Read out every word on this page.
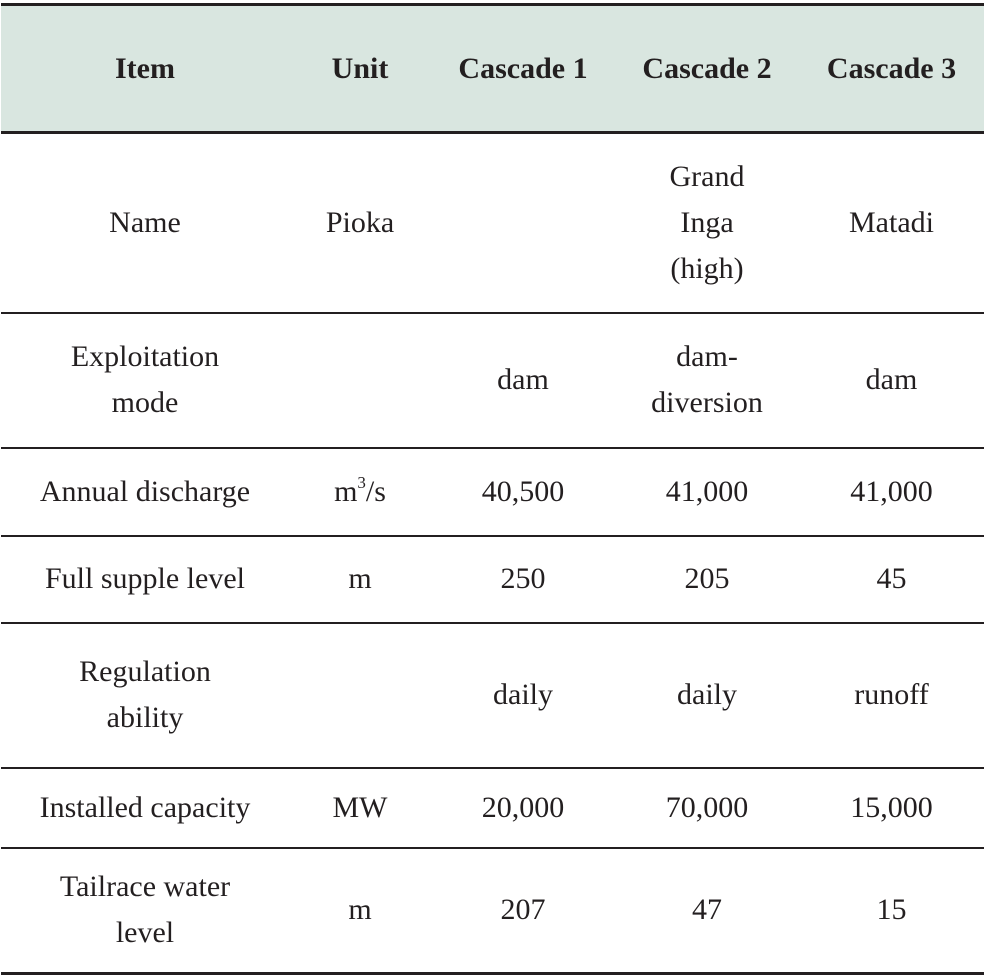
Item	Unit	Cascade 1	Cascade 2	Cascade 3

Name	Pioka		Grand Inga (high)	Matadi

Exploitation mode		dam	dam-diversion	dam
Annual discharge	$m^3/s$	40,500	41,000	41,000
Full supple level	m	250	205	45

Regulation ability		daily	daily	runoff
Installed capacity	MW	20,000	70,000	15,000

Tailrace water level	m	207	47	15
